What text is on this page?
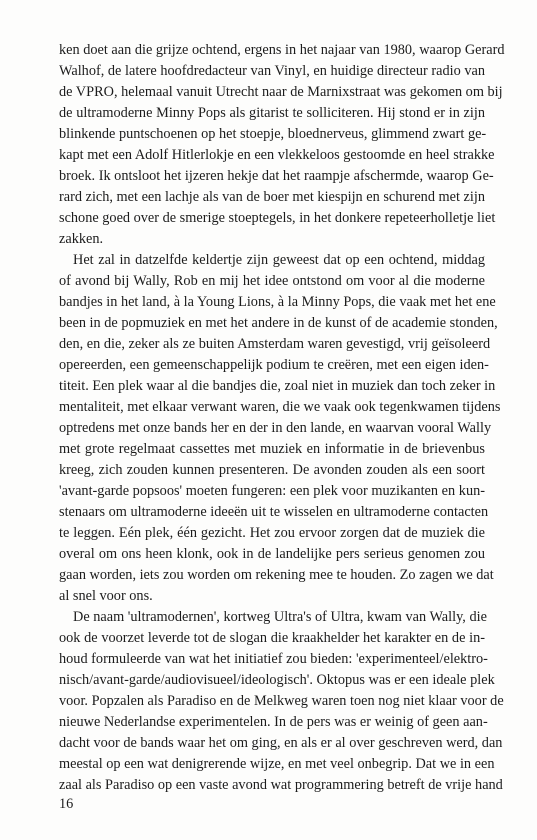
ken doet aan die grijze ochtend, ergens in het najaar van 1980, waarop Gerard
Walhof, de latere hoofdredacteur van Vinyl, en huidige directeur radio van
de VPRO, helemaal vanuit Utrecht naar de Marnixstraat was gekomen om bij
de ultramoderne Minny Pops als gitarist te solliciteren. Hij stond er in zijn
blinkende puntschoenen op het stoepje, bloednerveus, glimmend zwart ge-
kapt met een Adolf Hitlerlokje en een vlekkeloos gestoomde en heel strakke
broek. Ik ontsloot het ijzeren hekje dat het raampje afschermde, waarop Ge-
rard zich, met een lachje als van de boer met kiespijn en schurend met zijn
schone goed over de smerige stoeptegels, in het donkere repeteerholletje liet
zakken.
Het zal in datzelfde keldertje zijn geweest dat op een ochtend, middag
of avond bij Wally, Rob en mij het idee ontstond om voor al die moderne
bandjes in het land, à la Young Lions, à la Minny Pops, die vaak met het ene
been in de popmuziek en met het andere in de kunst of de academie stonden,
den, en die, zeker als ze buiten Amsterdam waren gevestigd, vrij geïsoleerd
opereerden, een gemeenschappelijk podium te creëren, met een eigen iden-
titeit. Een plek waar al die bandjes die, zoal niet in muziek dan toch zeker in
mentaliteit, met elkaar verwant waren, die we vaak ook tegenkwamen tijdens
optredens met onze bands her en der in den lande, en waarvan vooral Wally
met grote regelmaat cassettes met muziek en informatie in de brievenbus
kreeg, zich zouden kunnen presenteren. De avonden zouden als een soort
'avant-garde popsoos' moeten fungeren: een plek voor muzikanten en kun-
stenaars om ultramoderne ideeën uit te wisselen en ultramoderne contacten
te leggen. Eén plek, één gezicht. Het zou ervoor zorgen dat de muziek die
overal om ons heen klonk, ook in de landelijke pers serieus genomen zou
gaan worden, iets zou worden om rekening mee te houden. Zo zagen we dat
al snel voor ons.
De naam 'ultramodernen', kortweg Ultra's of Ultra, kwam van Wally, die
ook de voorzet leverde tot de slogan die kraakhelder het karakter en de in-
houd formuleerde van wat het initiatief zou bieden: 'experimenteel/elektro-
nisch/avant-garde/audiovisueel/ideologisch'. Oktopus was er een ideale plek
voor. Popzalen als Paradiso en de Melkweg waren toen nog niet klaar voor de
nieuwe Nederlandse experimentelen. In de pers was er weinig of geen aan-
dacht voor de bands waar het om ging, en als er al over geschreven werd, dan
meestal op een wat denigrerende wijze, en met veel onbegrip. Dat we in een
zaal als Paradiso op een vaste avond wat programmering betreft de vrije hand
16
